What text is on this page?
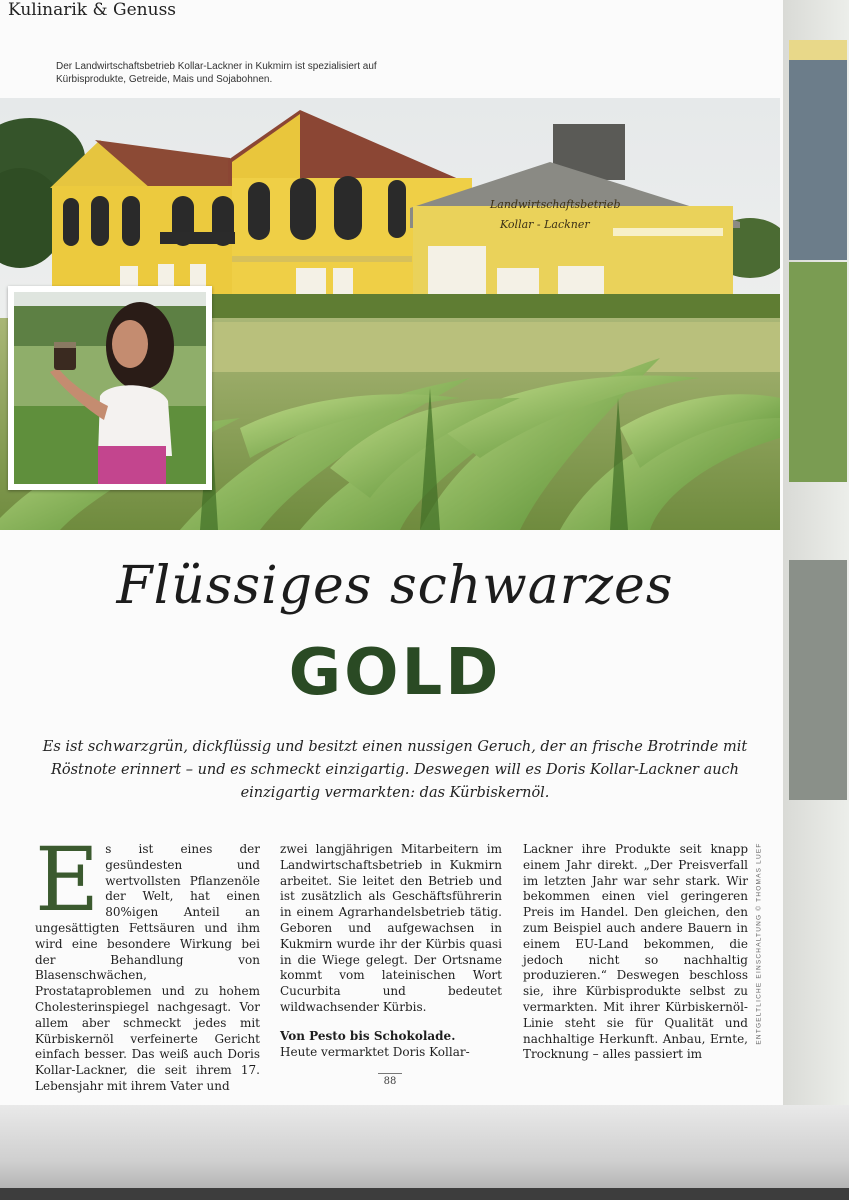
Kulinarik & Genuss
Der Landwirtschaftsbetrieb Kollar-Lackner in Kukmirn ist spezialisiert auf Kürbisprodukte, Getreide, Mais und Sojabohnen.
Landwirtschaftsbetrieb
Kollar - Lackner
Flüssiges schwarzes
GOLD
Es ist schwarzgrün, dickflüssig und besitzt einen nussigen Geruch, der an frische Brotrinde mit Röstnote erinnert – und es schmeckt einzigartig. Deswegen will es Doris Kollar-Lackner auch einzigartig vermarkten: das Kürbiskernöl.
E s ist eines der gesündesten und wertvollsten Pflanzenöle der Welt, hat einen 80%igen Anteil an ungesättigten Fettsäuren und ihm wird eine besondere Wirkung bei der Behandlung von Blasenschwächen, Prostataproblemen und zu hohem Cholesterinspiegel nachgesagt. Vor allem aber schmeckt jedes mit Kürbiskernöl verfeinerte Gericht einfach besser. Das weiß auch Doris Kollar-Lackner, die seit ihrem 17. Lebensjahr mit ihrem Vater und
zwei langjährigen Mitarbeitern im Landwirtschaftsbetrieb in Kukmirn arbeitet. Sie leitet den Betrieb und ist zusätzlich als Geschäftsführerin in einem Agrarhandelsbetrieb tätig. Geboren und aufgewachsen in Kukmirn wurde ihr der Kürbis quasi in die Wiege gelegt. Der Ortsname kommt vom lateinischen Wort Cucurbita und bedeutet wildwachsender Kürbis.
Von Pesto bis Schokolade.
Heute vermarktet Doris Kollar-
Lackner ihre Produkte seit knapp einem Jahr direkt. „Der Preisverfall im letzten Jahr war sehr stark. Wir bekommen einen viel geringeren Preis im Handel. Den gleichen, den zum Beispiel auch andere Bauern in einem EU-Land bekommen, die jedoch nicht so nachhaltig produzieren.“ Deswegen beschloss sie, ihre Kürbisprodukte selbst zu vermarkten. Mit ihrer Kürbiskernöl-Linie steht sie für Qualität und nachhaltige Herkunft. Anbau, Ernte, Trocknung – alles passiert im
ENTGELTLICHE EINSCHALTUNG © THOMAS LUEF
88
